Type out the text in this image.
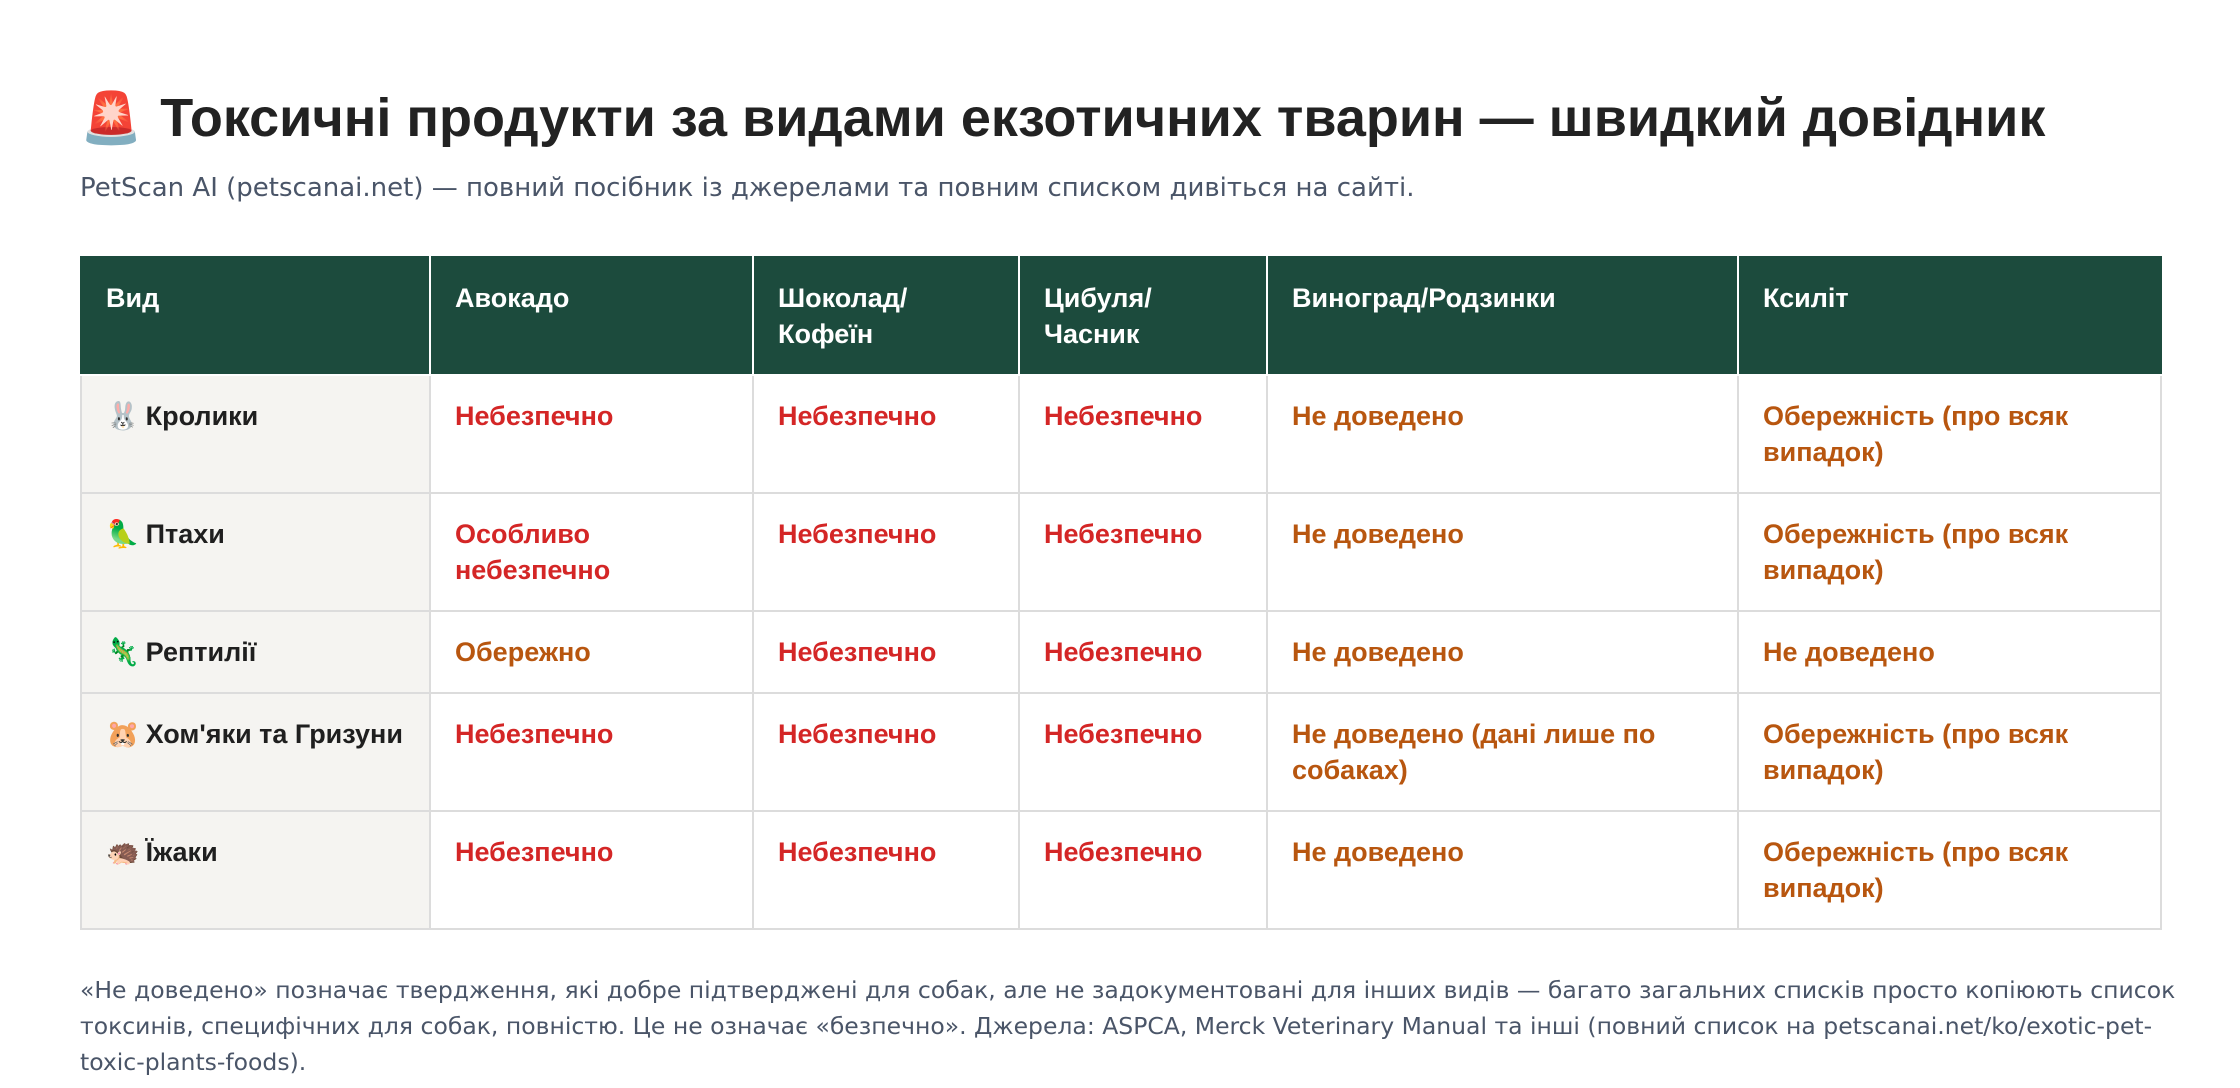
🚨 Токсичні продукти за видами екзотичних тварин — швидкий довідник

PetScan AI (petscanai.net) — повний посібник із джерелами та повним списком дивіться на сайті.

Вид	Авокадо	Шоколад/ Кофеїн	Цибуля/ Часник	Виноград/Родзинки	Ксиліт
🐰 Кролики	Небезпечно	Небезпечно	Небезпечно	Не доведено	Обережність (про всяк випадок)
🦜 Птахи	Особливо небезпечно	Небезпечно	Небезпечно	Не доведено	Обережність (про всяк випадок)
🦎 Рептилії	Обережно	Небезпечно	Небезпечно	Не доведено	Не доведено
🐹 Хом'яки та Гризуни	Небезпечно	Небезпечно	Небезпечно	Не доведено (дані лише по собаках)	Обережність (про всяк випадок)
🦔 Їжаки	Небезпечно	Небезпечно	Небезпечно	Не доведено	Обережність (про всяк випадок)
«Не доведено» позначає твердження, які добре підтверджені для собак, але не задокументовані для інших видів — багато загальних списків просто копіюють список токсинів, специфічних для собак, повністю. Це не означає «безпечно». Джерела: ASPCA, Merck Veterinary Manual та інші (повний список на petscanai.net/ko/exotic-pet-toxic-plants-foods).
